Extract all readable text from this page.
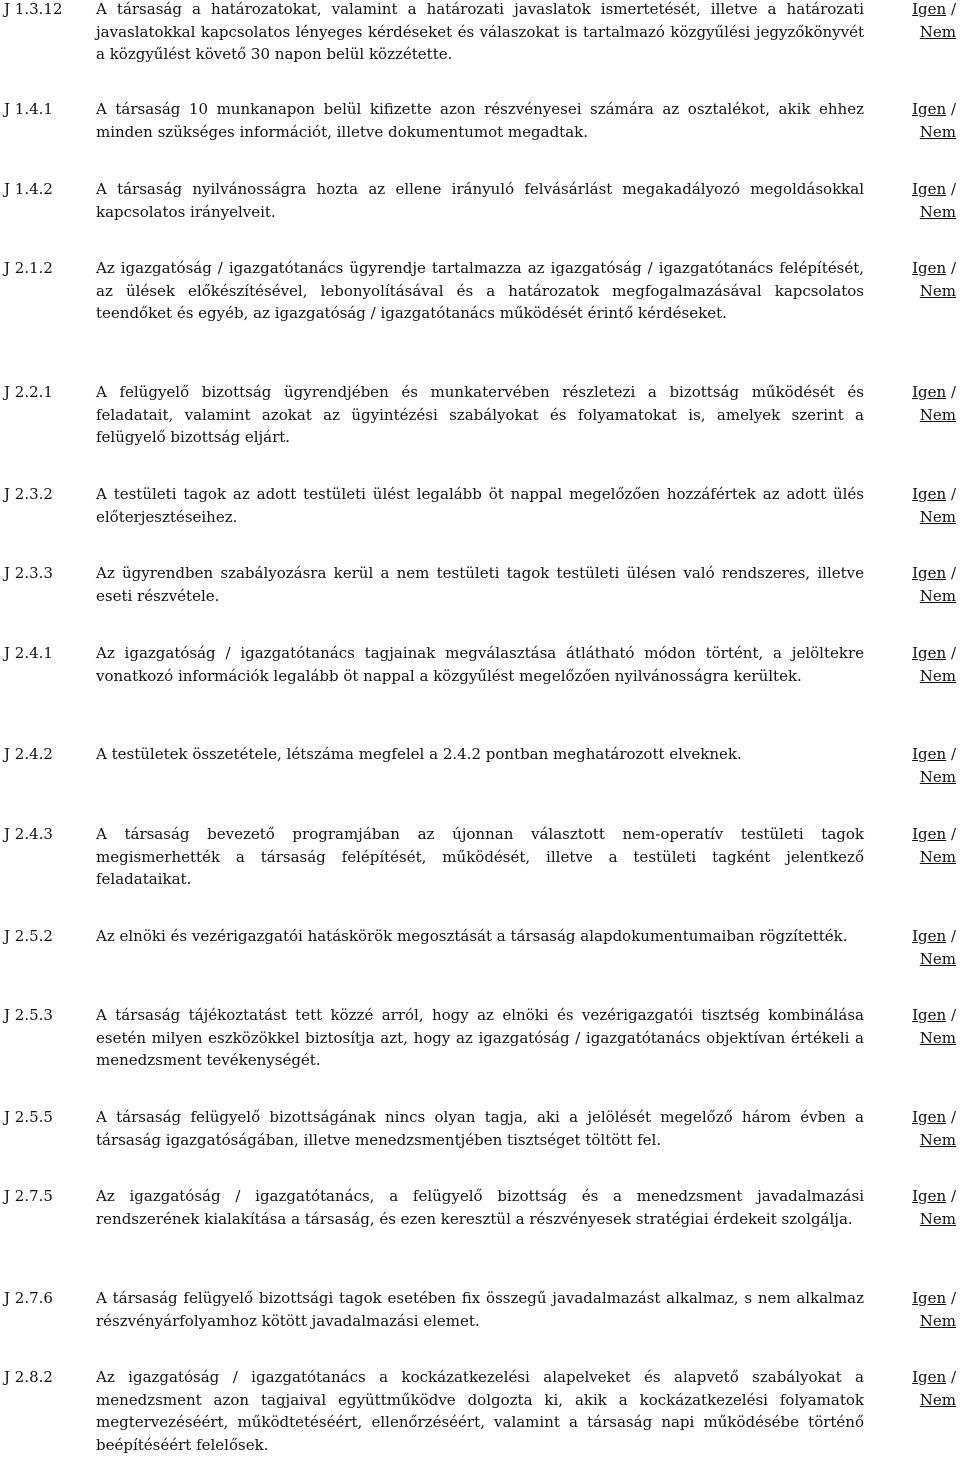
J 1.3.12	A társaság a határozatokat, valamint a határozati javaslatok ismertetését, illetve a határozati javaslatokkal kapcsolatos lényeges kérdéseket és válaszokat is tartalmazó közgyűlési jegyzőkönyvét a közgyűlést követő 30 napon belül közzétette.
Igen /
Nem
J 1.4.1	A társaság 10 munkanapon belül kifizette azon részvényesei számára az osztalékot, akik ehhez minden szükséges információt, illetve dokumentumot megadtak.
Igen /
Nem
J 1.4.2	A társaság nyilvánosságra hozta az ellene irányuló felvásárlást megakadályozó megoldásokkal kapcsolatos irányelveit.
Igen /
Nem
J 2.1.2	Az igazgatóság / igazgatótanács ügyrendje tartalmazza az igazgatóság / igazgatótanács felépítését, az ülések előkészítésével, lebonyolításával és a határozatok megfogalmazásával kapcsolatos teendőket és egyéb, az igazgatóság / igazgatótanács működését érintő kérdéseket.
Igen /
Nem
J 2.2.1	A felügyelő bizottság ügyrendjében és munkatervében részletezi a bizottság működését és feladatait, valamint azokat az ügyintézési szabályokat és folyamatokat is, amelyek szerint a felügyelő bizottság eljárt.
Igen /
Nem
J 2.3.2	A testületi tagok az adott testületi ülést legalább öt nappal megelőzően hozzáfértek az adott ülés előterjesztéseihez.
Igen /
Nem
J 2.3.3	Az ügyrendben szabályozásra kerül a nem testületi tagok testületi ülésen való rendszeres, illetve eseti részvétele.
Igen /
Nem
J 2.4.1	Az igazgatóság / igazgatótanács tagjainak megválasztása átlátható módon történt, a jelöltekre vonatkozó információk legalább öt nappal a közgyűlést megelőzően nyilvánosságra kerültek.
Igen /
Nem
J 2.4.2	A testületek összetétele, létszáma megfelel a 2.4.2 pontban meghatározott elveknek.	Igen /
Nem
J 2.4.3	A társaság bevezető programjában az újonnan választott nem-operatív testületi tagok megismerhették a társaság felépítését, működését, illetve a testületi tagként jelentkező feladataikat.
Igen /
Nem
J 2.5.2	Az elnöki és vezérigazgatói hatáskörök megosztását a társaság alapdokumentumaiban rögzítették.	Igen /
Nem
J 2.5.3	A társaság tájékoztatást tett közzé arról, hogy az elnöki és vezérigazgatói tisztség kombinálása esetén milyen eszközökkel biztosítja azt, hogy az igazgatóság / igazgatótanács objektívan értékeli a menedzsment tevékenységét.
Igen /
Nem
J 2.5.5	A társaság felügyelő bizottságának nincs olyan tagja, aki a jelölését megelőző három évben a társaság igazgatóságában, illetve menedzsmentjében tisztséget töltött fel.
Igen /
Nem
J 2.7.5	Az igazgatóság / igazgatótanács, a felügyelő bizottság és a menedzsment javadalmazási rendszerének kialakítása a társaság, és ezen keresztül a részvényesek stratégiai érdekeit szolgálja.
Igen /
Nem
J 2.7.6	A társaság felügyelő bizottsági tagok esetében fix összegű javadalmazást alkalmaz, s nem alkalmaz részvényárfolyamhoz kötött javadalmazási elemet.
Igen /
Nem
J 2.8.2	Az igazgatóság / igazgatótanács a kockázatkezelési alapelveket és alapvető szabályokat a menedzsment azon tagjaival együttműködve dolgozta ki, akik a kockázatkezelési folyamatok megtervezéséért, működtetéséért, ellenőrzéséért, valamint a társaság napi működésébe történő beépítéséért felelősek.
Igen /
Nem
